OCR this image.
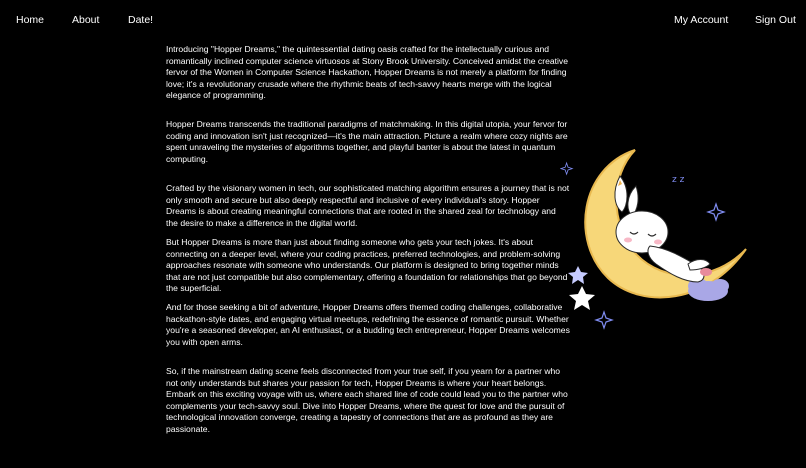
Home	About	Date!	My Account	Sign Out

Introducing "Hopper Dreams," the quintessential dating oasis crafted for the intellectually curious and romantically inclined computer science virtuosos at Stony Brook University. Conceived amidst the creative fervor of the Women in Computer Science Hackathon, Hopper Dreams is not merely a platform for finding love; it's a revolutionary crusade where the rhythmic beats of tech-savvy hearts merge with the logical elegance of programming.

Hopper Dreams transcends the traditional paradigms of matchmaking. In this digital utopia, your fervor for coding and innovation isn't just recognized—it's the main attraction. Picture a realm where cozy nights are spent unraveling the mysteries of algorithms together, and playful banter is about the latest in quantum computing.

Crafted by the visionary women in tech, our sophisticated matching algorithm ensures a journey that is not only smooth and secure but also deeply respectful and inclusive of every individual's story. Hopper Dreams is about creating meaningful connections that are rooted in the shared zeal for technology and the desire to make a difference in the digital world.

But Hopper Dreams is more than just about finding someone who gets your tech jokes. It's about connecting on a deeper level, where your coding practices, preferred technologies, and problem-solving approaches resonate with someone who understands. Our platform is designed to bring together minds that are not just compatible but also complementary, offering a foundation for relationships that go beyond the superficial.

And for those seeking a bit of adventure, Hopper Dreams offers themed coding challenges, collaborative hackathon-style dates, and engaging virtual meetups, redefining the essence of romantic pursuit. Whether you're a seasoned developer, an AI enthusiast, or a budding tech entrepreneur, Hopper Dreams welcomes you with open arms.

So, if the mainstream dating scene feels disconnected from your true self, if you yearn for a partner who not only understands but shares your passion for tech, Hopper Dreams is where your heart belongs. Embark on this exciting voyage with us, where each shared line of code could lead you to the partner who complements your tech-savvy soul. Dive into Hopper Dreams, where the quest for love and the pursuit of technological innovation converge, creating a tapestry of connections that are as profound as they are passionate.

z z
